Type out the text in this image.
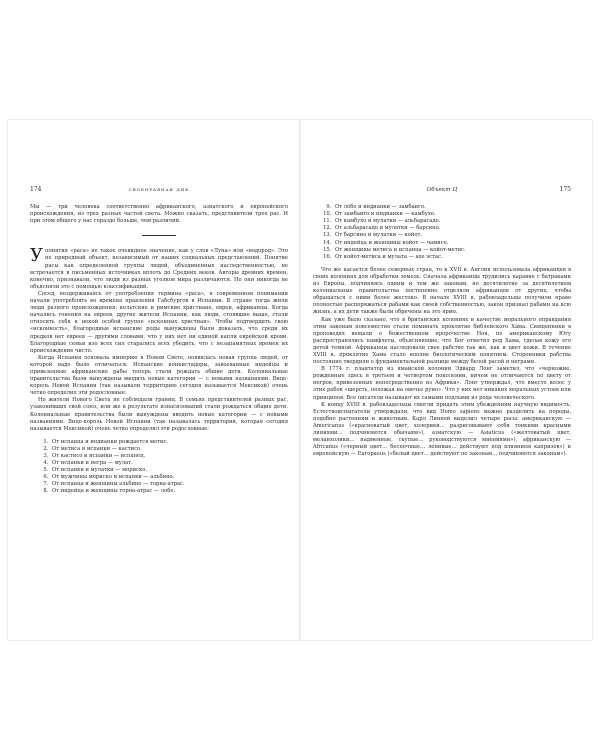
174	своенравная днк

Мы — три человека соответственно африканского, азиатского и европейского происхождения, из трех разных частей света. Можно сказать, представители трех рас. И при этом общего у нас гораздо больше, чем различий.

Упонятия «раса» не такое очевидное значение, как у слов «Луна» или «водород». Это не природный объект, независимый от наших социальных представлений. Понятие расы как определенной группы людей, объединенных наследственностью, не встречается в письменных источниках вплоть до Средних веков. Авторы древних времен, конечно, признавали, что люди из разных уголков мира различаются. Но они никогда не объясняли это с помощью классификаций.

Сосед, воздерживаясь от употребления термина «раса», в современном понимании начали употреблять во времена правления Габсбургов в Испании. В стране тогда жили люди разного происхождения: кельтские и римские христиане, евреи, африканцы. Когда начались гонения на евреев, другие жители Испании, как люди, стоявшие выше, стали относить себя к некой особой группе «исконных христиан». Чтобы подтвердить свою «исконность», благородные испанские роды вынуждены были доказать, что среди их предков нет евреев — другими словами, что у них нет ни единой капли еврейской крови. Благородные семьи изо всех сил старались всех убедить, что с незапамятных времен их происхождение чисто.

Когда Испания основала империю в Новом Свете, появилась новая группа людей, от которой надо было отличаться. Испанские конкистадоры, завоеванные индейцы и привезенные африканские рабы теперь стали рождать общие дети. Колониальные правительства были вынуждены вводить новые категории — с новыми названиями. Вице-король Новой Испании (так называли территорию сегодня называется Мексикой) очень четко определил эти родословные:

Но жители Нового Света не соблюдали границ. В семьях представителей разных рас, узаконивших свой союз, или же в результате изнасилований стали рождаться общие дети. Колониальные правительства были вынуждены вводить новые категории — с новыми названиями. Вице-король Новой Испании (так называлась территория, которая сегодня называется Мексикой) очень четко определил эти родословные:

1. От испанца и индианки рождается метис.
2. От метиса и испанки — кастисо.
3. От кастисо и испанки — испанец.
4. От испанки и негра — мулат.
5. От испанки и мулатки — мориско.
6. От мужчины мориско и испанки — альбино.
7. От испанца и женщины альбино — торна-атрас.
8. От индейца и женщины торна-атрас — лобо.
Объект Ц	175
9. От лобо и индианки — замбаиго.
10. От замбаиго и индианки — камбухо.
11. От камбухо и мулатки — альбарасадо.
12. От альбарасадо и мулатки — барсино.
13. От барсино и мулатки — койот.
14. От индейца и женщины койот — чамисо.
15. От женщины метиса и испанца — койот-метис.
16. От койот-метиса и мулата — ахе эстас.

Что же касается более северных стран, то к XVII в. Англия использовала африканцев в своих колониях для обработки земель. Сначала африканцы трудились наравне с батраками из Европы, подчиняясь одним и тем же законам, но десятилетие за десятилетием колониальные правительства постепенно отделяли африканцев от других, чтобы обращаться с ними более жестоко. В начале XVIII в. рабовладельцы получили право полностью распоряжаться рабами как своей собственностью, закон признал рабами на всю жизнь, а их дети также были обречены на это ярмо.

Как уже было сказано, что в британских колониях в качестве морального оправдания этим законам повсеместно стали поминать проклятие библейского Хама. Священники в проповедях вещали о божественном пророчестве Ноя, по американскому Югу распространялись памфлеты, объясняющие, что Бог отметил род Хама, сделав кожу его детей темной. Африканцы наследовали свое рабство так же, как и цвет кожи. В течение XVIII в. проклятие Хама стало вполне биологическим понятием. Сторонники рабства постоянно твердили о фундаментальной разнице между белой расой и неграми.

В 1774 г. плантатор из ямайской колонии Эдвард Лонг заметил, что «черножие, рожденные здесь в третьем и четвертом поколении, ничем не отличаются по цвету от негров, привезенных непосредственно из Африки». Лонг утверждал, что вместо волос у этих рабов «шерсть, похожая на овечье руно». Что у них нет никаких моральных устоев или принципов. Все писатели называют их самыми подлыми из рода человеческого.

К концу XVIII в. рабовладельцы смогли придать этим убеждениям научную видимость. Естествоиспытатели утверждали, что вид Homo sapiens можно разделить на породы, подобно растениям и животным. Карл Линней выделил четыре расы: американскую — Americanus («красноватый цвет, холерики… разрисовывают себя тонкими красными линиями… подчиняются обычаям»), азиатскую — Asiaticus («желтоватый цвет, меланхолики… надменные, скупые… руководствуются мнениями»), африканскую — Africanus («черный цвет… беспечные… ленивые… действуют под влиянием капризов») и европейскую — Europaeus («белый цвет… действуют по законам… подчиняются законам»).
